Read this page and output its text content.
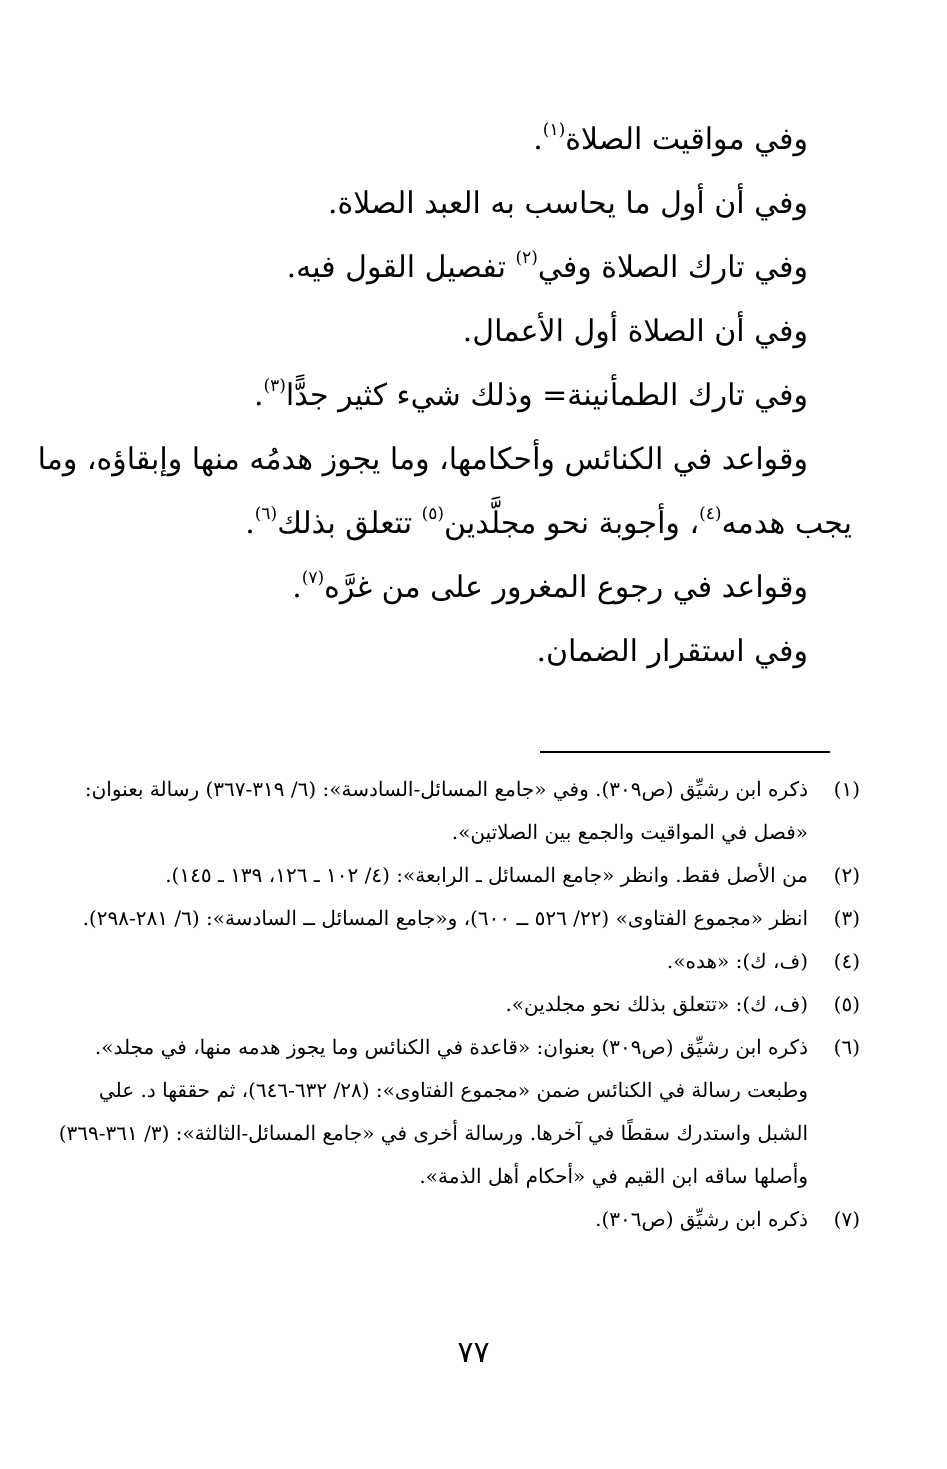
وفي مواقيت الصلاة$^{(١)}$.
وفي أن أول ما يحاسب به العبد الصلاة.
وفي تارك الصلاة وفي$^{(٢)}$ تفصيل القول فيه.
وفي أن الصلاة أول الأعمال.
وفي تارك الطمأنينة= وذلك شيء كثير جدًّا$^{(٣)}$.
وقواعد في الكنائس وأحكامها، وما يجوز هدمُه منها وإبقاؤه، وما
يجب هدمه$^{(٤)}$، وأجوبة نحو مجلَّدين$^{(٥)}$ تتعلق بذلك$^{(٦)}$.
وقواعد في رجوع المغرور على من غرَّه$^{(٧)}$.
وفي استقرار الضمان.
(١)
ذكره ابن رشيِّق (ص٣٠٩). وفي «جامع المسائل-السادسة»: (٦/ ٣١٩-٣٦٧) رسالة بعنوان: «فصل في المواقيت والجمع بين الصلاتين».
(٢)
من الأصل فقط. وانظر «جامع المسائل ـ الرابعة»: (٤/ ١٠٢ ـ ١٢٦، ١٣٩ ـ ١٤٥).
(٣)
انظر «مجموع الفتاوى» (٢٢/ ٥٢٦ ــ ٦٠٠)، و«جامع المسائل ــ السادسة»: (٦/ ٢٨١-٢٩٨).
(٤)
(ف، ك): «هده».
(٥)
(ف، ك): «تتعلق بذلك نحو مجلدين».
(٦)
ذكره ابن رشيِّق (ص٣٠٩) بعنوان: «قاعدة في الكنائس وما يجوز هدمه منها، في مجلد». وطبعت رسالة في الكنائس ضمن «مجموع الفتاوى»: (٢٨/ ٦٣٢-٦٤٦)، ثم حققها د. علي الشبل واستدرك سقطًا في آخرها. ورسالة أخرى في «جامع المسائل-الثالثة»: (٣/ ٣٦١-٣٦٩) وأصلها ساقه ابن القيم في «أحكام أهل الذمة».
(٧)
ذكره ابن رشيِّق (ص٣٠٦).
٧٧
